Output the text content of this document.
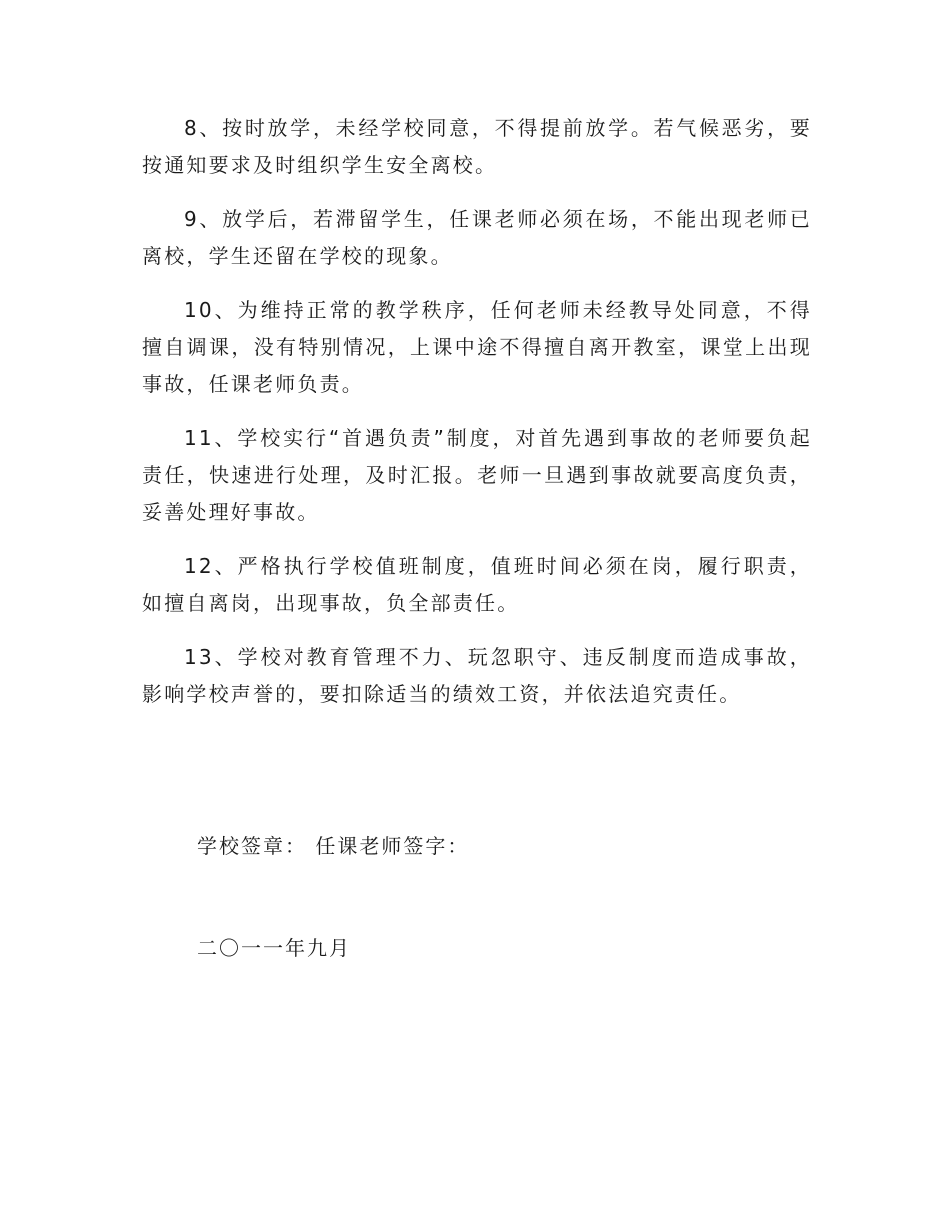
8、按时放学，未经学校同意，不得提前放学。若气候恶劣，要按通知要求及时组织学生安全离校。

9、放学后，若滞留学生，任课老师必须在场，不能出现老师已离校，学生还留在学校的现象。

10、为维持正常的教学秩序，任何老师未经教导处同意，不得擅自调课，没有特别情况，上课中途不得擅自离开教室，课堂上出现事故，任课老师负责。

11、学校实行“首遇负责”制度，对首先遇到事故的老师要负起责任，快速进行处理，及时汇报。老师一旦遇到事故就要高度负责，妥善处理好事故。

12、严格执行学校值班制度，值班时间必须在岗，履行职责，如擅自离岗，出现事故，负全部责任。

13、学校对教育管理不力、玩忽职守、违反制度而造成事故，影响学校声誉的，要扣除适当的绩效工资，并依法追究责任。

学校签章： 任课老师签字：
二〇一一年九月
